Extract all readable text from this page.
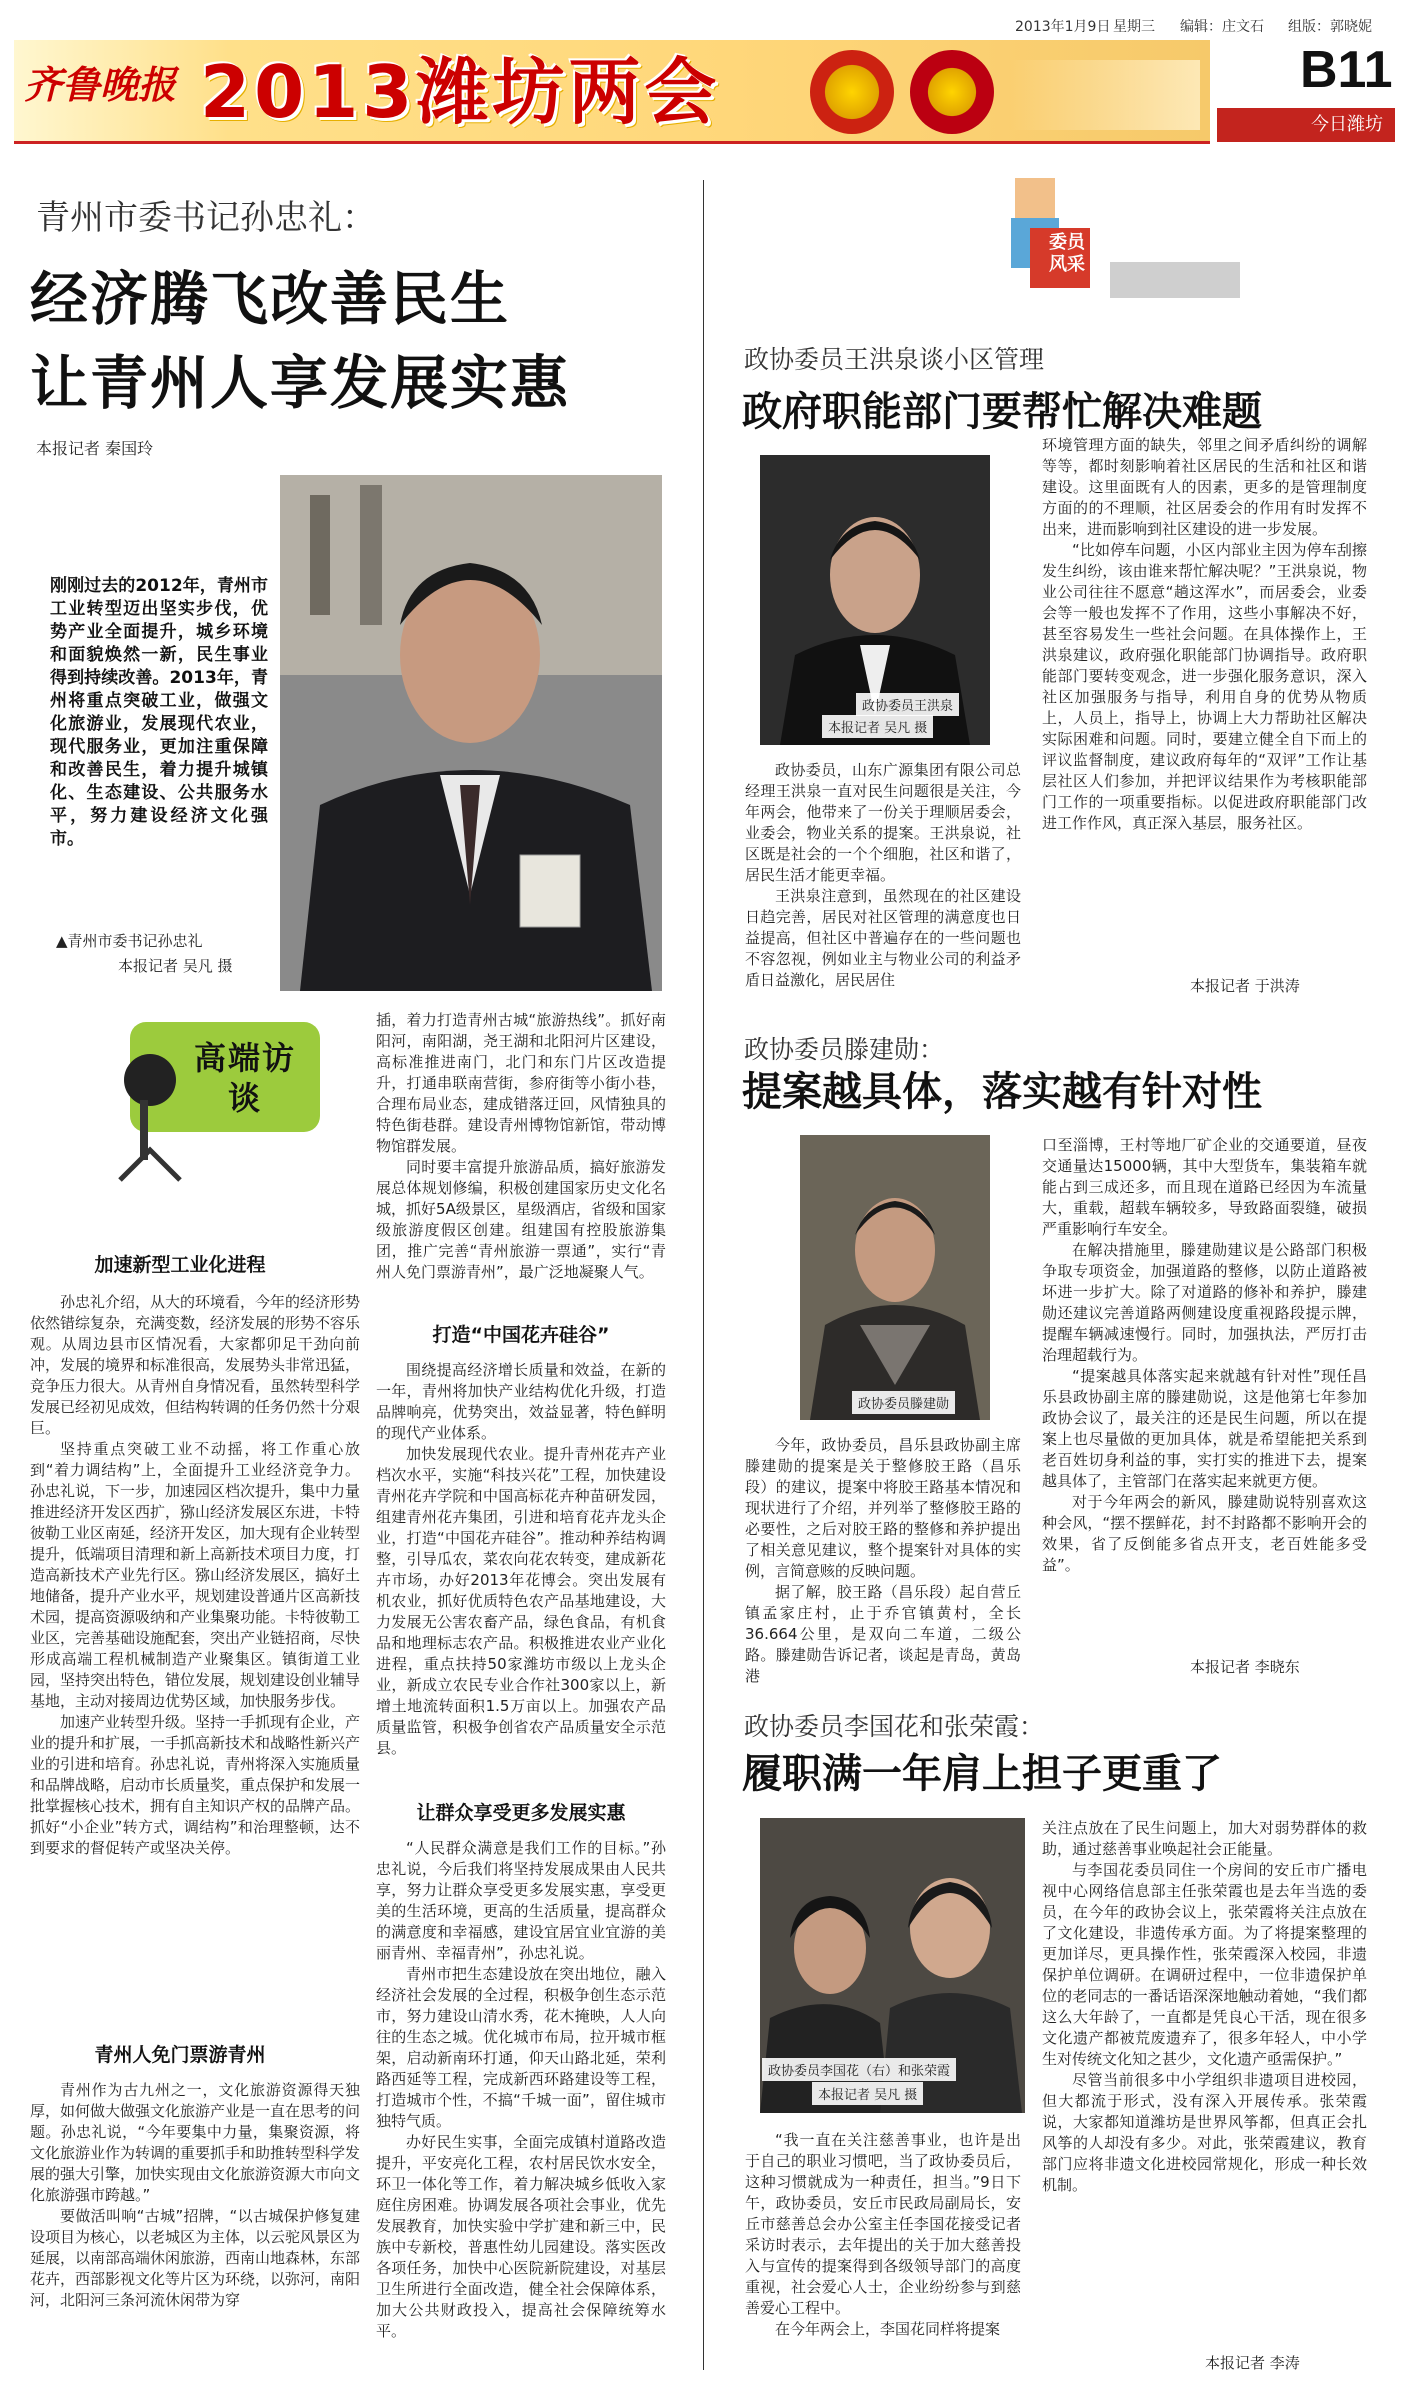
2013年1月9日 星期三 编辑：庄文石 组版：郭晓妮
齐鲁晚报 2013潍坊两会	B11
今日潍坊
青州市委书记孙忠礼：
经济腾飞改善民生
让青州人享发展实惠
本报记者 秦国玲
刚刚过去的2012年，青州市工业转型迈出坚实步伐，优势产业全面提升，城乡环境和面貌焕然一新，民生事业得到持续改善。2013年，青州将重点突破工业，做强文化旅游业，发展现代农业，现代服务业，更加注重保障和改善民生，着力提升城镇化、生态建设、公共服务水平，努力建设经济文化强市。
▲青州市委书记孙忠礼
本报记者 吴凡 摄
高端访谈
加速新型工业化进程

孙忠礼介绍，从大的环境看，今年的经济形势依然错综复杂，充满变数，经济发展的形势不容乐观。从周边县市区情况看，大家都卯足干劲向前冲，发展的境界和标准很高，发展势头非常迅猛，竞争压力很大。从青州自身情况看，虽然转型科学发展已经初见成效，但结构转调的任务仍然十分艰巨。

坚持重点突破工业不动摇，将工作重心放到“着力调结构”上，全面提升工业经济竞争力。孙忠礼说，下一步，加速园区档次提升，集中力量推进经济开发区西扩，猕山经济发展区东进，卡特彼勒工业区南延，经济开发区，加大现有企业转型提升，低端项目清理和新上高新技术项目力度，打造高新技术产业先行区。猕山经济发展区，搞好土地储备，提升产业水平，规划建设普通片区高新技术园，提高资源吸纳和产业集聚功能。卡特彼勒工业区，完善基础设施配套，突出产业链招商，尽快形成高端工程机械制造产业聚集区。镇街道工业园，坚持突出特色，错位发展，规划建设创业辅导基地，主动对接周边优势区域，加快服务步伐。

加速产业转型升级。坚持一手抓现有企业，产业的提升和扩展，一手抓高新技术和战略性新兴产业的引进和培育。孙忠礼说，青州将深入实施质量和品牌战略，启动市长质量奖，重点保护和发展一批掌握核心技术，拥有自主知识产权的品牌产品。抓好“小企业”转方式，调结构”和治理整顿，达不到要求的督促转产或坚决关停。

青州人免门票游青州

青州作为古九州之一，文化旅游资源得天独厚，如何做大做强文化旅游产业是一直在思考的问题。孙忠礼说，“今年要集中力量，集聚资源，将文化旅游业作为转调的重要抓手和助推转型科学发展的强大引擎，加快实现由文化旅游资源大市向文化旅游强市跨越。”

要做活叫响“古城”招牌，“以古城保护修复建设项目为核心，以老城区为主体，以云驼风景区为延展，以南部高端休闲旅游，西南山地森林，东部花卉，西部影视文化等片区为环绕，以弥河，南阳河，北阳河三条河流休闲带为穿

插，着力打造青州古城“旅游热线”。抓好南阳河，南阳湖，尧王湖和北阳河片区建设，高标准推进南门，北门和东门片区改造提升，打通串联南营街，参府街等小街小巷，合理布局业态，建成错落迂回，风情独具的特色街巷群。建设青州博物馆新馆，带动博物馆群发展。

同时要丰富提升旅游品质，搞好旅游发展总体规划修编，积极创建国家历史文化名城，抓好5A级景区，星级酒店，省级和国家级旅游度假区创建。组建国有控股旅游集团，推广完善“青州旅游一票通”，实行“青州人免门票游青州”，最广泛地凝聚人气。

打造“中国花卉硅谷”

围绕提高经济增长质量和效益，在新的一年，青州将加快产业结构优化升级，打造品牌响亮，优势突出，效益显著，特色鲜明的现代产业体系。

加快发展现代农业。提升青州花卉产业档次水平，实施“科技兴花”工程，加快建设青州花卉学院和中国高标花卉种苗研发园，组建青州花卉集团，引进和培育花卉龙头企业，打造“中国花卉硅谷”。推动种养结构调整，引导瓜农，菜农向花农转变，建成新花卉市场，办好2013年花博会。突出发展有机农业，抓好优质特色农产品基地建设，大力发展无公害农畜产品，绿色食品，有机食品和地理标志农产品。积极推进农业产业化进程，重点扶持50家潍坊市级以上龙头企业，新成立农民专业合作社300家以上，新增土地流转面积1.5万亩以上。加强农产品质量监管，积极争创省农产品质量安全示范县。

让群众享受更多发展实惠

“人民群众满意是我们工作的目标。”孙忠礼说，今后我们将坚持发展成果由人民共享，努力让群众享受更多发展实惠，享受更美的生活环境，更高的生活质量，提高群众的满意度和幸福感，建设宜居宜业宜游的美丽青州、幸福青州”，孙忠礼说。

青州市把生态建设放在突出地位，融入经济社会发展的全过程，积极争创生态示范市，努力建设山清水秀，花木掩映，人人向往的生态之城。优化城市布局，拉开城市框架，启动新南环打通，仰天山路北延，荣利路西延等工程，完成新西环路建设等工程，打造城市个性，不搞“千城一面”，留住城市独特气质。

办好民生实事，全面完成镇村道路改造提升，平安亮化工程，农村居民饮水安全，环卫一体化等工作，着力解决城乡低收入家庭住房困难。协调发展各项社会事业，优先发展教育，加快实验中学扩建和新三中，民族中专新校，普惠性幼儿园建设。落实医改各项任务，加快中心医院新院建设，对基层卫生所进行全面改造，健全社会保障体系，加大公共财政投入，提高社会保障统筹水平。

委员风采
政协委员王洪泉谈小区管理
政府职能部门要帮忙解决难题
政协委员王洪泉
本报记者 吴凡 摄

政协委员，山东广源集团有限公司总经理王洪泉一直对民生问题很是关注，今年两会，他带来了一份关于理顺居委会，业委会，物业关系的提案。王洪泉说，社区既是社会的一个个细胞，社区和谐了，居民生活才能更幸福。

王洪泉注意到，虽然现在的社区建设日趋完善，居民对社区管理的满意度也日益提高，但社区中普遍存在的一些问题也不容忽视，例如业主与物业公司的利益矛盾日益激化，居民居住

环境管理方面的缺失，邻里之间矛盾纠纷的调解等等，都时刻影响着社区居民的生活和社区和谐建设。这里面既有人的因素，更多的是管理制度方面的的不理顺，社区居委会的作用有时发挥不出来，进而影响到社区建设的进一步发展。

“比如停车问题，小区内部业主因为停车刮擦发生纠纷，该由谁来帮忙解决呢？”王洪泉说，物业公司往往不愿意“趟这浑水”，而居委会，业委会等一般也发挥不了作用，这些小事解决不好，甚至容易发生一些社会问题。在具体操作上，王洪泉建议，政府强化职能部门协调指导。政府职能部门要转变观念，进一步强化服务意识，深入社区加强服务与指导，利用自身的优势从物质上，人员上，指导上，协调上大力帮助社区解决实际困难和问题。同时，要建立健全自下而上的评议监督制度，建议政府每年的“双评”工作让基层社区人们参加，并把评议结果作为考核职能部门工作的一项重要指标。以促进政府职能部门改进工作作风，真正深入基层，服务社区。

本报记者 于洪涛
政协委员滕建勋：
提案越具体，落实越有针对性
政协委员滕建勋

今年，政协委员，昌乐县政协副主席滕建勋的提案是关于整修胶王路（昌乐段）的建议，提案中将胶王路基本情况和现状进行了介绍，并列举了整修胶王路的必要性，之后对胶王路的整修和养护提出了相关意见建议，整个提案针对具体的实例，言简意赅的反映问题。

据了解，胶王路（昌乐段）起自营丘镇孟家庄村，止于乔官镇黄村，全长36.664公里，是双向二车道，二级公路。滕建勋告诉记者，谈起是青岛，黄岛港

口至淄博，王村等地厂矿企业的交通要道，昼夜交通量达15000辆，其中大型货车，集装箱车就能占到三成还多，而且现在道路已经因为车流量大，重载，超载车辆较多，导致路面裂缝，破损严重影响行车安全。

在解决措施里，滕建勋建议是公路部门积极争取专项资金，加强道路的整修，以防止道路被坏进一步扩大。除了对道路的修补和养护，滕建勋还建议完善道路两侧建设度重视路段提示牌，提醒车辆减速慢行。同时，加强执法，严厉打击治理超载行为。

“提案越具体落实起来就越有针对性”现任昌乐县政协副主席的滕建勋说，这是他第七年参加政协会议了，最关注的还是民生问题，所以在提案上也尽量做的更加具体，就是希望能把关系到老百姓切身利益的事，实打实的推进下去，提案越具体了，主管部门在落实起来就更方便。

对于今年两会的新风，滕建勋说特别喜欢这种会风，“摆不摆鲜花，封不封路都不影响开会的效果，省了反倒能多省点开支，老百姓能多受益”。

本报记者 李晓东
政协委员李国花和张荣霞：
履职满一年肩上担子更重了
政协委员李国花（右）和张荣霞
本报记者 吴凡 摄

“我一直在关注慈善事业，也许是出于自己的职业习惯吧，当了政协委员后，这种习惯就成为一种责任，担当。”9日下午，政协委员，安丘市民政局副局长，安丘市慈善总会办公室主任李国花接受记者采访时表示，去年提出的关于加大慈善投入与宣传的提案得到各级领导部门的高度重视，社会爱心人士，企业纷纷参与到慈善爱心工程中。

在今年两会上，李国花同样将提案

关注点放在了民生问题上，加大对弱势群体的救助，通过慈善事业唤起社会正能量。

与李国花委员同住一个房间的安丘市广播电视中心网络信息部主任张荣霞也是去年当选的委员，在今年的政协会议上，张荣霞将关注点放在了文化建设，非遗传承方面。为了将提案整理的更加详尽，更具操作性，张荣霞深入校园，非遗保护单位调研。在调研过程中，一位非遗保护单位的老同志的一番话语深深地触动着她，“我们都这么大年龄了，一直都是凭良心干活，现在很多文化遗产都被荒废遗弃了，很多年轻人，中小学生对传统文化知之甚少，文化遗产亟需保护。”

尽管当前很多中小学组织非遗项目进校园，但大都流于形式，没有深入开展传承。张荣霞说，大家都知道潍坊是世界风筝都，但真正会扎风筝的人却没有多少。对此，张荣霞建议，教育部门应将非遗文化进校园常规化，形成一种长效机制。

本报记者 李涛
